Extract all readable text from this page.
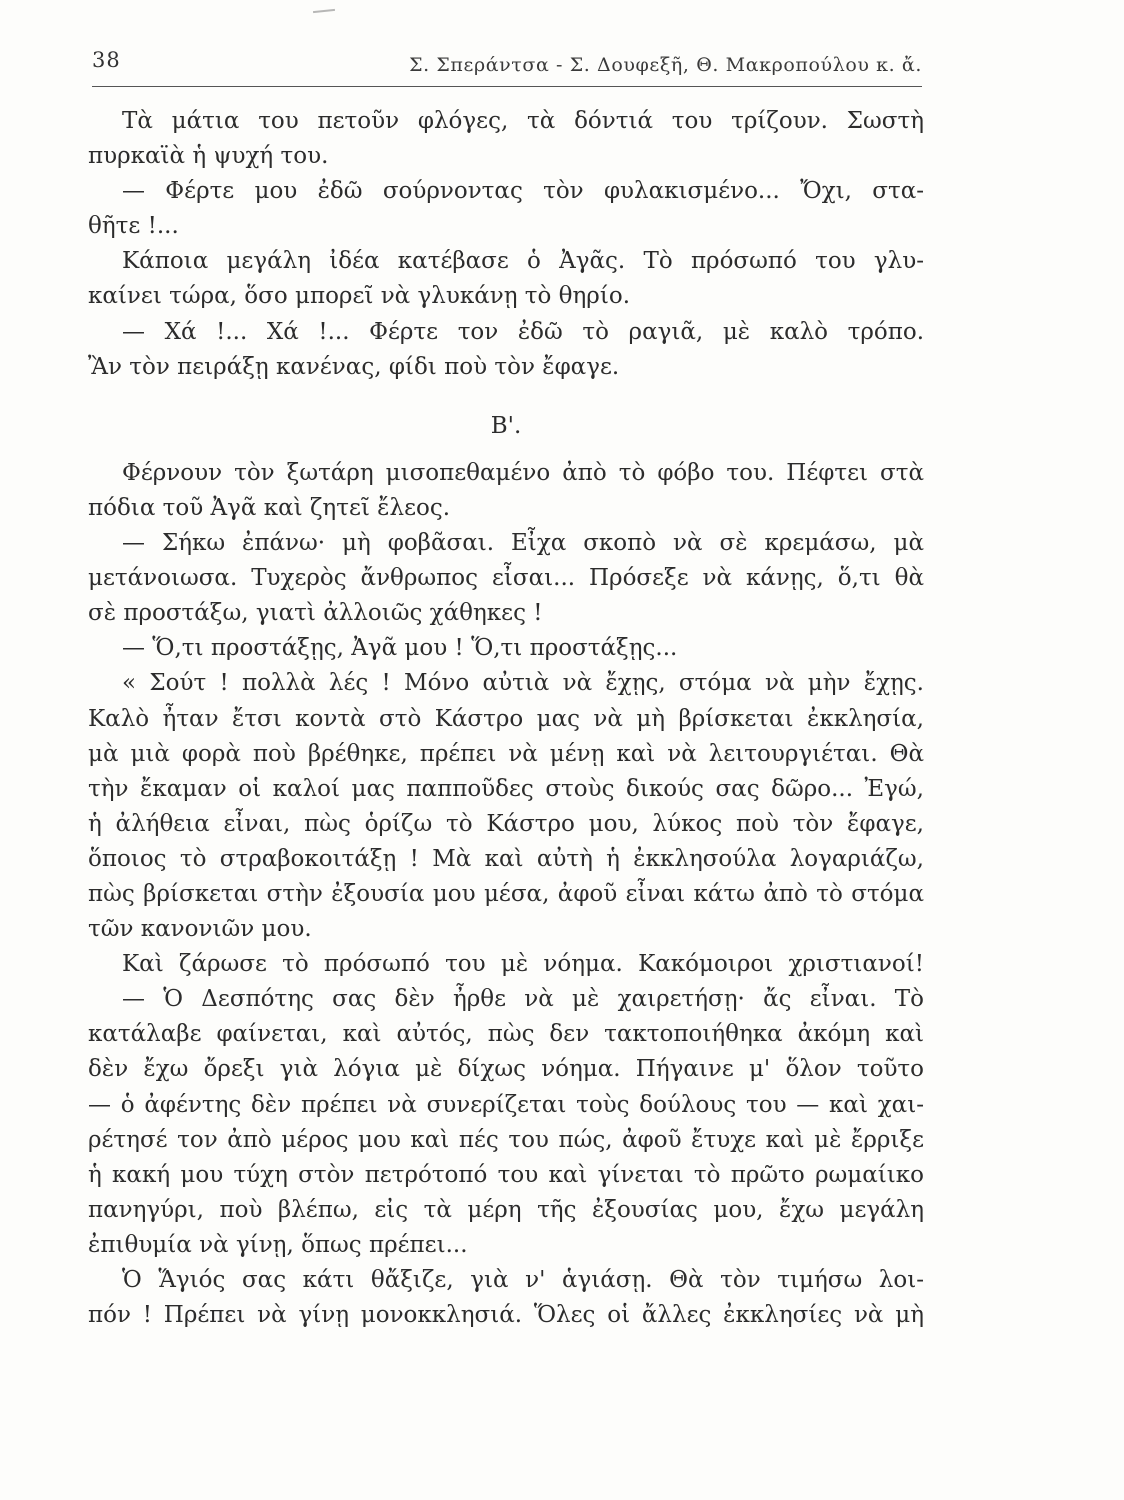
38	Σ. Σπεράντσα - Σ. Δουφεξῆ, Θ. Μακροπούλου κ. ἄ.
Τὰ μάτια του πετοῦν φλόγες, τὰ δόντιά του τρίζουν. Σωστὴ
πυρκαϊὰ ἡ ψυχή του.
— Φέρτε μου ἐδῶ σούρνοντας τὸν φυλακισμένο... Ὄχι, στα-
θῆτε !...
Κάποια μεγάλη ἰδέα κατέβασε ὁ Ἀγᾶς. Τὸ πρόσωπό του γλυ-
καίνει τώρα, ὅσο μπορεῖ νὰ γλυκάνῃ τὸ θηρίο.
— Χά !... Χά !... Φέρτε τον ἐδῶ τὸ ραγιᾶ, μὲ καλὸ τρόπο.
Ἂν τὸν πειράξῃ κανένας, φίδι ποὺ τὸν ἔφαγε.
Β'.
Φέρνουν τὸν ξωτάρη μισοπεθαμένο ἀπὸ τὸ φόβο του. Πέφτει στὰ
πόδια τοῦ Ἀγᾶ καὶ ζητεῖ ἔλεος.
— Σήκω ἐπάνω· μὴ φοβᾶσαι. Εἶχα σκοπὸ νὰ σὲ κρεμάσω, μὰ
μετάνοιωσα. Τυχερὸς ἄνθρωπος εἶσαι... Πρόσεξε νὰ κάνῃς, ὅ,τι θὰ
σὲ προστάξω, γιατὶ ἀλλοιῶς χάθηκες !
— Ὅ,τι προστάξῃς, Ἀγᾶ μου ! Ὅ,τι προστάξῃς...
« Σούτ ! πολλὰ λές ! Μόνο αὐτιὰ νὰ ἔχῃς, στόμα νὰ μὴν ἔχῃς.
Καλὸ ἦταν ἔτσι κοντὰ στὸ Κάστρο μας νὰ μὴ βρίσκεται ἐκκλησία,
μὰ μιὰ φορὰ ποὺ βρέθηκε, πρέπει νὰ μένῃ καὶ νὰ λειτουργιέται. Θὰ
τὴν ἔκαμαν οἱ καλοί μας παπποῦδες στοὺς δικούς σας δῶρο... Ἐγώ,
ἡ ἀλήθεια εἶναι, πὼς ὁρίζω τὸ Κάστρο μου, λύκος ποὺ τὸν ἔφαγε,
ὅποιος τὸ στραβοκοιτάξῃ ! Μὰ καὶ αὐτὴ ἡ ἐκκλησούλα λογαριάζω,
πὼς βρίσκεται στὴν ἐξουσία μου μέσα, ἀφοῦ εἶναι κάτω ἀπὸ τὸ στόμα
τῶν κανονιῶν μου.
Καὶ ζάρωσε τὸ πρόσωπό του μὲ νόημα. Κακόμοιροι χριστιανοί!
— Ὁ Δεσπότης σας δὲν ἦρθε νὰ μὲ χαιρετήσῃ· ἄς εἶναι. Τὸ
κατάλαβε φαίνεται, καὶ αὐτός, πὼς δεν τακτοποιήθηκα ἀκόμη καὶ
δὲν ἔχω ὄρεξι γιὰ λόγια μὲ δίχως νόημα. Πήγαινε μ' ὅλον τοῦτο
— ὁ ἀφέντης δὲν πρέπει νὰ συνερίζεται τοὺς δούλους του — καὶ χαι-
ρέτησέ τον ἀπὸ μέρος μου καὶ πές του πώς, ἀφοῦ ἔτυχε καὶ μὲ ἔρριξε
ἡ κακή μου τύχη στὸν πετρότοπό του καὶ γίνεται τὸ πρῶτο ρωμαίικο
πανηγύρι, ποὺ βλέπω, εἰς τὰ μέρη τῆς ἐξουσίας μου, ἔχω μεγάλη
ἐπιθυμία νὰ γίνῃ, ὅπως πρέπει...
Ὁ Ἅγιός σας κάτι θἄξιζε, γιὰ ν' ἁγιάσῃ. Θὰ τὸν τιμήσω λοι-
πόν ! Πρέπει νὰ γίνῃ μονοκκλησιά. Ὅλες οἱ ἄλλες ἐκκλησίες νὰ μὴ
